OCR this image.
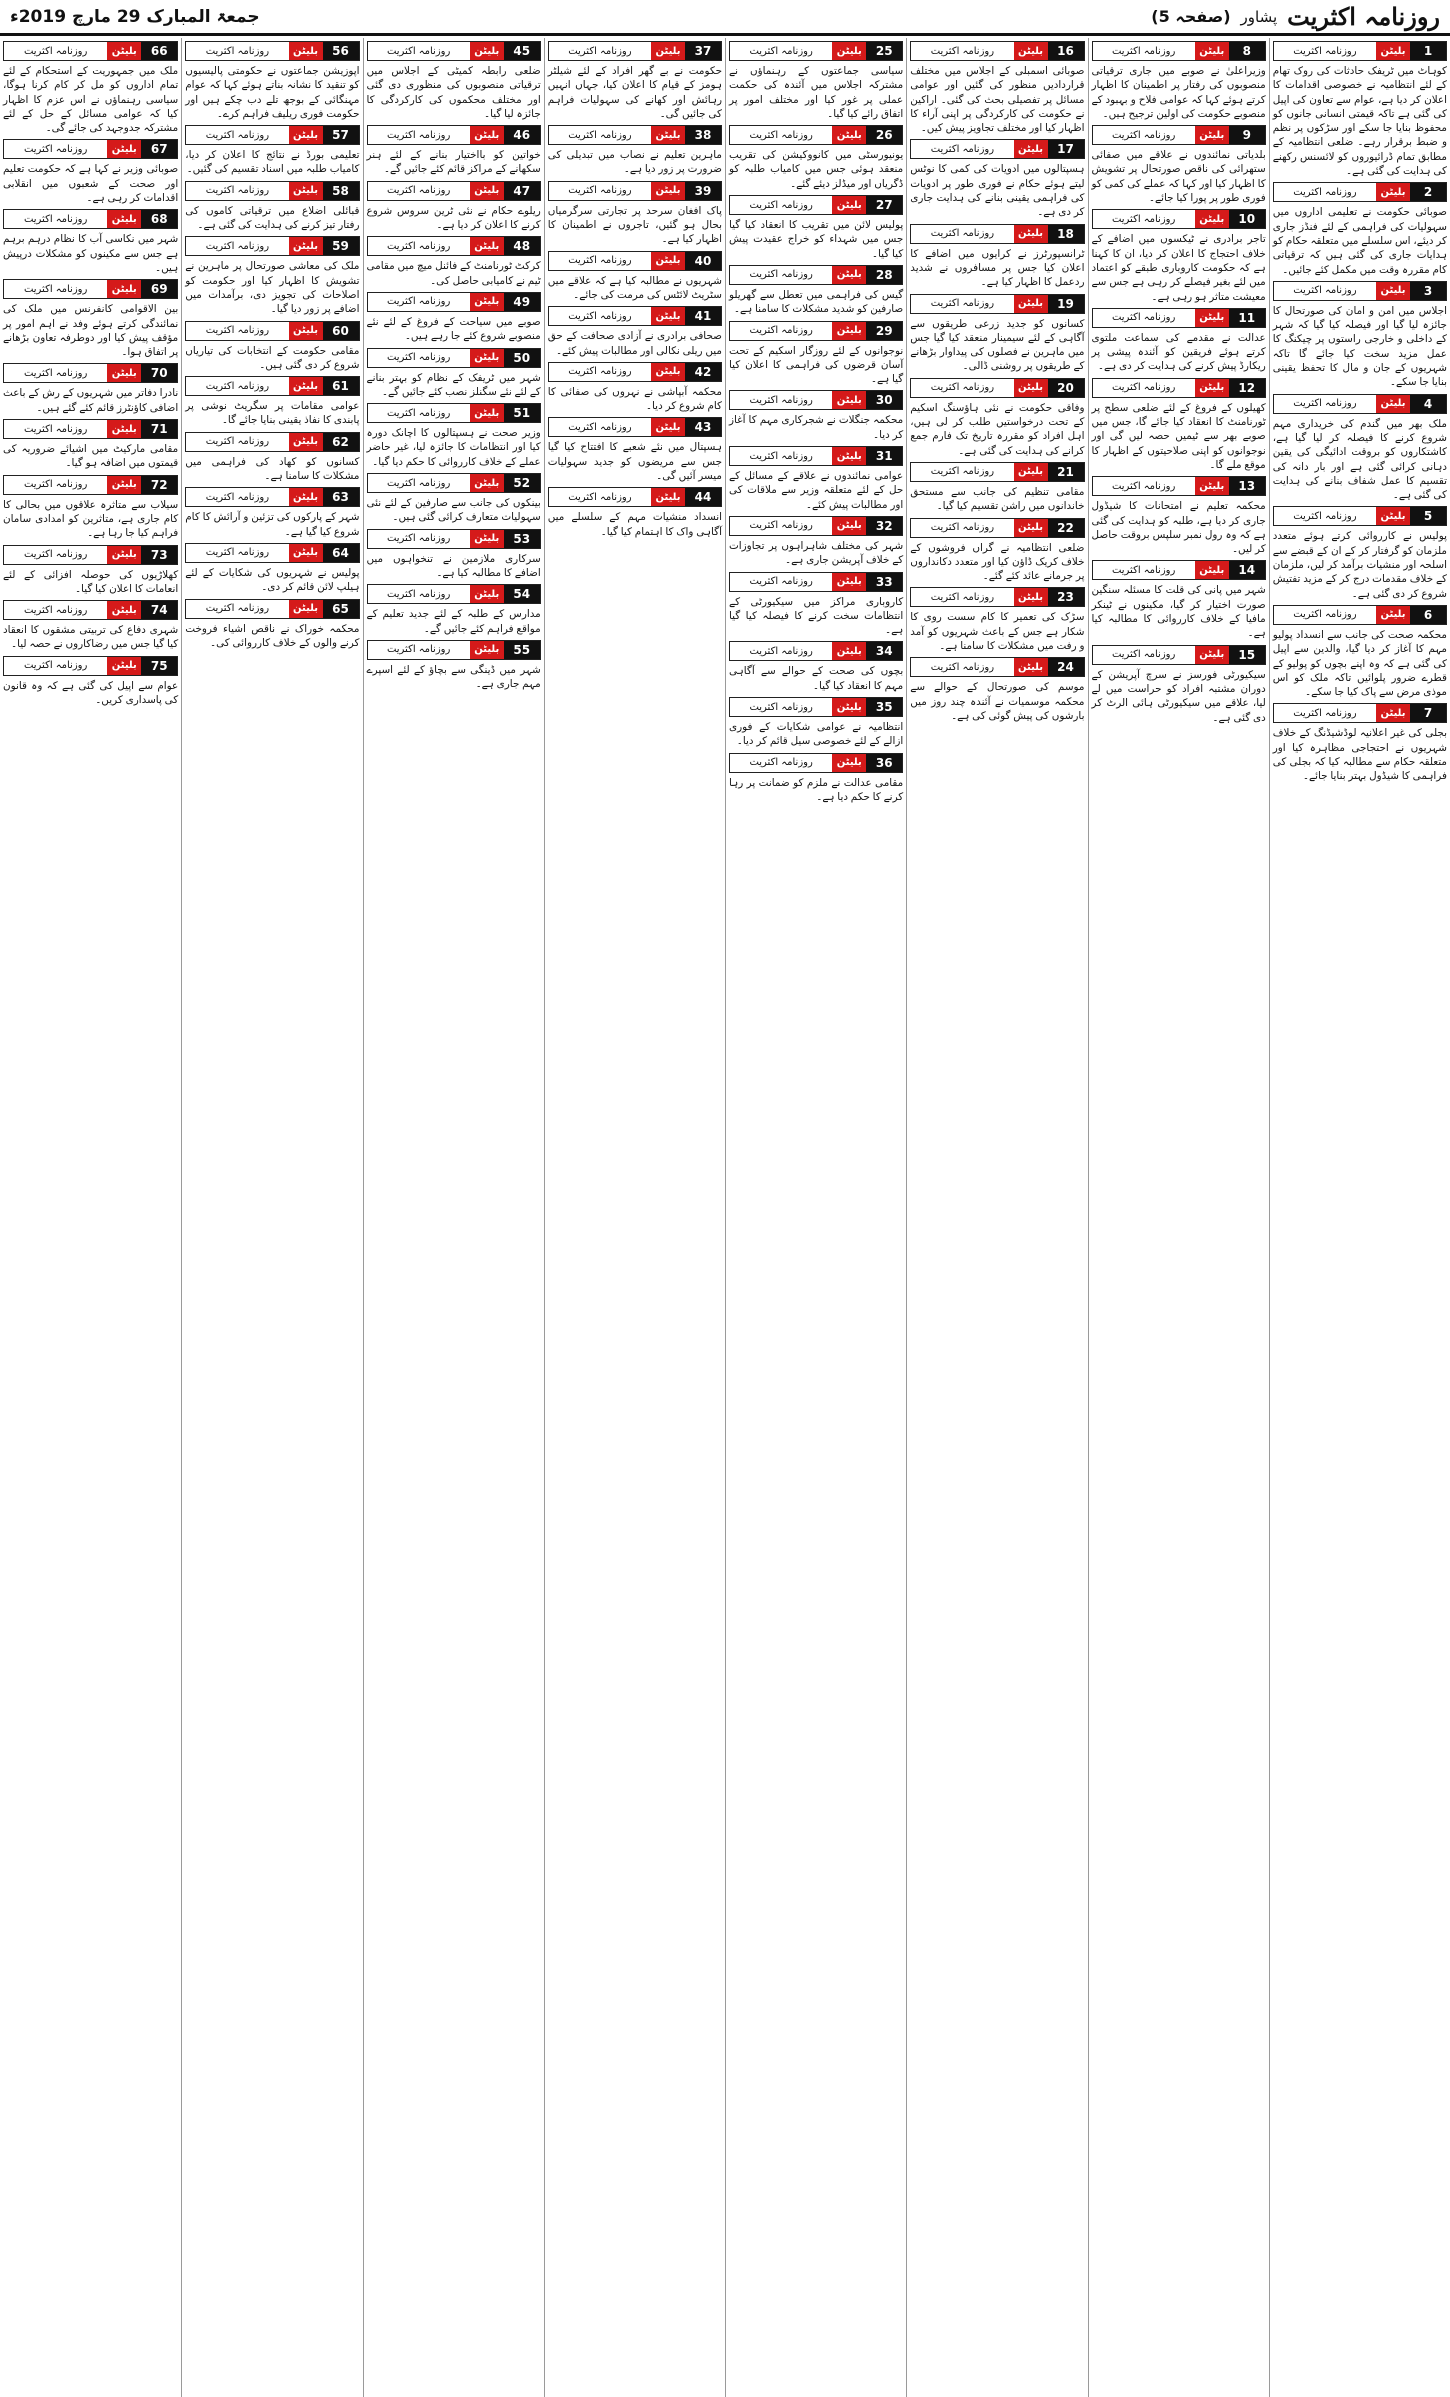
جمعۃ المبارک 29 مارچ 2019ء	روزنامہ اکثریت
پشاور
(صفحہ 5)
1
بلیٹن
روزنامہ اکثریت

کوہاٹ میں ٹریفک حادثات کی روک تھام کے لئے انتظامیہ نے خصوصی اقدامات کا اعلان کر دیا ہے، عوام سے تعاون کی اپیل کی گئی ہے تاکہ قیمتی انسانی جانوں کو محفوظ بنایا جا سکے اور سڑکوں پر نظم و ضبط برقرار رہے۔ ضلعی انتظامیہ کے مطابق تمام ڈرائیوروں کو لائسنس رکھنے کی ہدایت کی گئی ہے۔

2
بلیٹن
روزنامہ اکثریت

صوبائی حکومت نے تعلیمی اداروں میں سہولیات کی فراہمی کے لئے فنڈز جاری کر دیئے، اس سلسلے میں متعلقہ حکام کو ہدایات جاری کی گئی ہیں کہ ترقیاتی کام مقررہ وقت میں مکمل کئے جائیں۔

3
بلیٹن
روزنامہ اکثریت

اجلاس میں امن و امان کی صورتحال کا جائزہ لیا گیا اور فیصلہ کیا گیا کہ شہر کے داخلی و خارجی راستوں پر چیکنگ کا عمل مزید سخت کیا جائے گا تاکہ شہریوں کے جان و مال کا تحفظ یقینی بنایا جا سکے۔

4
بلیٹن
روزنامہ اکثریت

ملک بھر میں گندم کی خریداری مہم شروع کرنے کا فیصلہ کر لیا گیا ہے، کاشتکاروں کو بروقت ادائیگی کی یقین دہانی کرائی گئی ہے اور بار دانہ کی تقسیم کا عمل شفاف بنانے کی ہدایت کی گئی ہے۔

5
بلیٹن
روزنامہ اکثریت

پولیس نے کارروائی کرتے ہوئے متعدد ملزمان کو گرفتار کر کے ان کے قبضے سے اسلحہ اور منشیات برآمد کر لیں، ملزمان کے خلاف مقدمات درج کر کے مزید تفتیش شروع کر دی گئی ہے۔

6
بلیٹن
روزنامہ اکثریت

محکمہ صحت کی جانب سے انسداد پولیو مہم کا آغاز کر دیا گیا، والدین سے اپیل کی گئی ہے کہ وہ اپنے بچوں کو پولیو کے قطرے ضرور پلوائیں تاکہ ملک کو اس موذی مرض سے پاک کیا جا سکے۔

7
بلیٹن
روزنامہ اکثریت

بجلی کی غیر اعلانیہ لوڈشیڈنگ کے خلاف شہریوں نے احتجاجی مظاہرہ کیا اور متعلقہ حکام سے مطالبہ کیا کہ بجلی کی فراہمی کا شیڈول بہتر بنایا جائے۔

8
بلیٹن
روزنامہ اکثریت

وزیراعلیٰ نے صوبے میں جاری ترقیاتی منصوبوں کی رفتار پر اطمینان کا اظہار کرتے ہوئے کہا کہ عوامی فلاح و بہبود کے منصوبے حکومت کی اولین ترجیح ہیں۔

9
بلیٹن
روزنامہ اکثریت

بلدیاتی نمائندوں نے علاقے میں صفائی ستھرائی کی ناقص صورتحال پر تشویش کا اظہار کیا اور کہا کہ عملے کی کمی کو فوری طور پر پورا کیا جائے۔

10
بلیٹن
روزنامہ اکثریت

تاجر برادری نے ٹیکسوں میں اضافے کے خلاف احتجاج کا اعلان کر دیا، ان کا کہنا ہے کہ حکومت کاروباری طبقے کو اعتماد میں لئے بغیر فیصلے کر رہی ہے جس سے معیشت متاثر ہو رہی ہے۔

11
بلیٹن
روزنامہ اکثریت

عدالت نے مقدمے کی سماعت ملتوی کرتے ہوئے فریقین کو آئندہ پیشی پر ریکارڈ پیش کرنے کی ہدایت کر دی ہے۔

12
بلیٹن
روزنامہ اکثریت

کھیلوں کے فروغ کے لئے ضلعی سطح پر ٹورنامنٹ کا انعقاد کیا جائے گا، جس میں صوبے بھر سے ٹیمیں حصہ لیں گی اور نوجوانوں کو اپنی صلاحیتوں کے اظہار کا موقع ملے گا۔

13
بلیٹن
روزنامہ اکثریت

محکمہ تعلیم نے امتحانات کا شیڈول جاری کر دیا ہے، طلبہ کو ہدایت کی گئی ہے کہ وہ رول نمبر سلپس بروقت حاصل کر لیں۔

14
بلیٹن
روزنامہ اکثریت

شہر میں پانی کی قلت کا مسئلہ سنگین صورت اختیار کر گیا، مکینوں نے ٹینکر مافیا کے خلاف کارروائی کا مطالبہ کیا ہے۔

15
بلیٹن
روزنامہ اکثریت

سیکیورٹی فورسز نے سرچ آپریشن کے دوران مشتبہ افراد کو حراست میں لے لیا، علاقے میں سیکیورٹی ہائی الرٹ کر دی گئی ہے۔

16
بلیٹن
روزنامہ اکثریت

صوبائی اسمبلی کے اجلاس میں مختلف قراردادیں منظور کی گئیں اور عوامی مسائل پر تفصیلی بحث کی گئی۔ اراکین نے حکومت کی کارکردگی پر اپنی آراء کا اظہار کیا اور مختلف تجاویز پیش کیں۔

17
بلیٹن
روزنامہ اکثریت

ہسپتالوں میں ادویات کی کمی کا نوٹس لیتے ہوئے حکام نے فوری طور پر ادویات کی فراہمی یقینی بنانے کی ہدایت جاری کر دی ہے۔

18
بلیٹن
روزنامہ اکثریت

ٹرانسپورٹرز نے کرایوں میں اضافے کا اعلان کیا جس پر مسافروں نے شدید ردعمل کا اظہار کیا ہے۔

19
بلیٹن
روزنامہ اکثریت

کسانوں کو جدید زرعی طریقوں سے آگاہی کے لئے سیمینار منعقد کیا گیا جس میں ماہرین نے فصلوں کی پیداوار بڑھانے کے طریقوں پر روشنی ڈالی۔

20
بلیٹن
روزنامہ اکثریت

وفاقی حکومت نے نئی ہاؤسنگ اسکیم کے تحت درخواستیں طلب کر لی ہیں، اہل افراد کو مقررہ تاریخ تک فارم جمع کرانے کی ہدایت کی گئی ہے۔

21
بلیٹن
روزنامہ اکثریت

مقامی تنظیم کی جانب سے مستحق خاندانوں میں راشن تقسیم کیا گیا۔

22
بلیٹن
روزنامہ اکثریت

ضلعی انتظامیہ نے گراں فروشوں کے خلاف کریک ڈاؤن کیا اور متعدد دکانداروں پر جرمانے عائد کئے گئے۔

23
بلیٹن
روزنامہ اکثریت

سڑک کی تعمیر کا کام سست روی کا شکار ہے جس کے باعث شہریوں کو آمد و رفت میں مشکلات کا سامنا ہے۔

24
بلیٹن
روزنامہ اکثریت

موسم کی صورتحال کے حوالے سے محکمہ موسمیات نے آئندہ چند روز میں بارشوں کی پیش گوئی کی ہے۔

25
بلیٹن
روزنامہ اکثریت

سیاسی جماعتوں کے رہنماؤں نے مشترکہ اجلاس میں آئندہ کی حکمت عملی پر غور کیا اور مختلف امور پر اتفاق رائے کیا گیا۔

26
بلیٹن
روزنامہ اکثریت

یونیورسٹی میں کانووکیشن کی تقریب منعقد ہوئی جس میں کامیاب طلبہ کو ڈگریاں اور میڈلز دیئے گئے۔

27
بلیٹن
روزنامہ اکثریت

پولیس لائن میں تقریب کا انعقاد کیا گیا جس میں شہداء کو خراج عقیدت پیش کیا گیا۔

28
بلیٹن
روزنامہ اکثریت

گیس کی فراہمی میں تعطل سے گھریلو صارفین کو شدید مشکلات کا سامنا ہے۔

29
بلیٹن
روزنامہ اکثریت

نوجوانوں کے لئے روزگار اسکیم کے تحت آسان قرضوں کی فراہمی کا اعلان کیا گیا ہے۔

30
بلیٹن
روزنامہ اکثریت

محکمہ جنگلات نے شجرکاری مہم کا آغاز کر دیا۔

31
بلیٹن
روزنامہ اکثریت

عوامی نمائندوں نے علاقے کے مسائل کے حل کے لئے متعلقہ وزیر سے ملاقات کی اور مطالبات پیش کئے۔

32
بلیٹن
روزنامہ اکثریت

شہر کی مختلف شاہراہوں پر تجاوزات کے خلاف آپریشن جاری ہے۔

33
بلیٹن
روزنامہ اکثریت

کاروباری مراکز میں سیکیورٹی کے انتظامات سخت کرنے کا فیصلہ کیا گیا ہے۔

34
بلیٹن
روزنامہ اکثریت

بچوں کی صحت کے حوالے سے آگاہی مہم کا انعقاد کیا گیا۔

35
بلیٹن
روزنامہ اکثریت

انتظامیہ نے عوامی شکایات کے فوری ازالے کے لئے خصوصی سیل قائم کر دیا۔

36
بلیٹن
روزنامہ اکثریت

مقامی عدالت نے ملزم کو ضمانت پر رہا کرنے کا حکم دیا ہے۔

37
بلیٹن
روزنامہ اکثریت

حکومت نے بے گھر افراد کے لئے شیلٹر ہومز کے قیام کا اعلان کیا، جہاں انہیں رہائش اور کھانے کی سہولیات فراہم کی جائیں گی۔

38
بلیٹن
روزنامہ اکثریت

ماہرین تعلیم نے نصاب میں تبدیلی کی ضرورت پر زور دیا ہے۔

39
بلیٹن
روزنامہ اکثریت

پاک افغان سرحد پر تجارتی سرگرمیاں بحال ہو گئیں، تاجروں نے اطمینان کا اظہار کیا ہے۔

40
بلیٹن
روزنامہ اکثریت

شہریوں نے مطالبہ کیا ہے کہ علاقے میں سٹریٹ لائٹس کی مرمت کی جائے۔

41
بلیٹن
روزنامہ اکثریت

صحافی برادری نے آزادی صحافت کے حق میں ریلی نکالی اور مطالبات پیش کئے۔

42
بلیٹن
روزنامہ اکثریت

محکمہ آبپاشی نے نہروں کی صفائی کا کام شروع کر دیا۔

43
بلیٹن
روزنامہ اکثریت

ہسپتال میں نئے شعبے کا افتتاح کیا گیا جس سے مریضوں کو جدید سہولیات میسر آئیں گی۔

44
بلیٹن
روزنامہ اکثریت

انسداد منشیات مہم کے سلسلے میں آگاہی واک کا اہتمام کیا گیا۔

45
بلیٹن
روزنامہ اکثریت

ضلعی رابطہ کمیٹی کے اجلاس میں ترقیاتی منصوبوں کی منظوری دی گئی اور مختلف محکموں کی کارکردگی کا جائزہ لیا گیا۔

46
بلیٹن
روزنامہ اکثریت

خواتین کو بااختیار بنانے کے لئے ہنر سکھانے کے مراکز قائم کئے جائیں گے۔

47
بلیٹن
روزنامہ اکثریت

ریلوے حکام نے نئی ٹرین سروس شروع کرنے کا اعلان کر دیا ہے۔

48
بلیٹن
روزنامہ اکثریت

کرکٹ ٹورنامنٹ کے فائنل میچ میں مقامی ٹیم نے کامیابی حاصل کی۔

49
بلیٹن
روزنامہ اکثریت

صوبے میں سیاحت کے فروغ کے لئے نئے منصوبے شروع کئے جا رہے ہیں۔

50
بلیٹن
روزنامہ اکثریت

شہر میں ٹریفک کے نظام کو بہتر بنانے کے لئے نئے سگنلز نصب کئے جائیں گے۔

51
بلیٹن
روزنامہ اکثریت

وزیر صحت نے ہسپتالوں کا اچانک دورہ کیا اور انتظامات کا جائزہ لیا، غیر حاضر عملے کے خلاف کارروائی کا حکم دیا گیا۔

52
بلیٹن
روزنامہ اکثریت

بینکوں کی جانب سے صارفین کے لئے نئی سہولیات متعارف کرائی گئی ہیں۔

53
بلیٹن
روزنامہ اکثریت

سرکاری ملازمین نے تنخواہوں میں اضافے کا مطالبہ کیا ہے۔

54
بلیٹن
روزنامہ اکثریت

مدارس کے طلبہ کے لئے جدید تعلیم کے مواقع فراہم کئے جائیں گے۔

55
بلیٹن
روزنامہ اکثریت

شہر میں ڈینگی سے بچاؤ کے لئے اسپرے مہم جاری ہے۔

56
بلیٹن
روزنامہ اکثریت

اپوزیشن جماعتوں نے حکومتی پالیسیوں کو تنقید کا نشانہ بناتے ہوئے کہا کہ عوام مہنگائی کے بوجھ تلے دب چکے ہیں اور حکومت فوری ریلیف فراہم کرے۔

57
بلیٹن
روزنامہ اکثریت

تعلیمی بورڈ نے نتائج کا اعلان کر دیا، کامیاب طلبہ میں اسناد تقسیم کی گئیں۔

58
بلیٹن
روزنامہ اکثریت

قبائلی اضلاع میں ترقیاتی کاموں کی رفتار تیز کرنے کی ہدایت کی گئی ہے۔

59
بلیٹن
روزنامہ اکثریت

ملک کی معاشی صورتحال پر ماہرین نے تشویش کا اظہار کیا اور حکومت کو اصلاحات کی تجویز دی، برآمدات میں اضافے پر زور دیا گیا۔

60
بلیٹن
روزنامہ اکثریت

مقامی حکومت کے انتخابات کی تیاریاں شروع کر دی گئی ہیں۔

61
بلیٹن
روزنامہ اکثریت

عوامی مقامات پر سگریٹ نوشی پر پابندی کا نفاذ یقینی بنایا جائے گا۔

62
بلیٹن
روزنامہ اکثریت

کسانوں کو کھاد کی فراہمی میں مشکلات کا سامنا ہے۔

63
بلیٹن
روزنامہ اکثریت

شہر کے پارکوں کی تزئین و آرائش کا کام شروع کیا گیا ہے۔

64
بلیٹن
روزنامہ اکثریت

پولیس نے شہریوں کی شکایات کے لئے ہیلپ لائن قائم کر دی۔

65
بلیٹن
روزنامہ اکثریت

محکمہ خوراک نے ناقص اشیاء فروخت کرنے والوں کے خلاف کارروائی کی۔

66
بلیٹن
روزنامہ اکثریت

ملک میں جمہوریت کے استحکام کے لئے تمام اداروں کو مل کر کام کرنا ہوگا، سیاسی رہنماؤں نے اس عزم کا اظہار کیا کہ عوامی مسائل کے حل کے لئے مشترکہ جدوجہد کی جائے گی۔

67
بلیٹن
روزنامہ اکثریت

صوبائی وزیر نے کہا ہے کہ حکومت تعلیم اور صحت کے شعبوں میں انقلابی اقدامات کر رہی ہے۔

68
بلیٹن
روزنامہ اکثریت

شہر میں نکاسی آب کا نظام درہم برہم ہے جس سے مکینوں کو مشکلات درپیش ہیں۔

69
بلیٹن
روزنامہ اکثریت

بین الاقوامی کانفرنس میں ملک کی نمائندگی کرتے ہوئے وفد نے اہم امور پر مؤقف پیش کیا اور دوطرفہ تعاون بڑھانے پر اتفاق ہوا۔

70
بلیٹن
روزنامہ اکثریت

نادرا دفاتر میں شہریوں کے رش کے باعث اضافی کاؤنٹرز قائم کئے گئے ہیں۔

71
بلیٹن
روزنامہ اکثریت

مقامی مارکیٹ میں اشیائے ضروریہ کی قیمتوں میں اضافہ ہو گیا۔

72
بلیٹن
روزنامہ اکثریت

سیلاب سے متاثرہ علاقوں میں بحالی کا کام جاری ہے، متاثرین کو امدادی سامان فراہم کیا جا رہا ہے۔

73
بلیٹن
روزنامہ اکثریت

کھلاڑیوں کی حوصلہ افزائی کے لئے انعامات کا اعلان کیا گیا۔

74
بلیٹن
روزنامہ اکثریت

شہری دفاع کی تربیتی مشقوں کا انعقاد کیا گیا جس میں رضاکاروں نے حصہ لیا۔

75
بلیٹن
روزنامہ اکثریت

عوام سے اپیل کی گئی ہے کہ وہ قانون کی پاسداری کریں۔
